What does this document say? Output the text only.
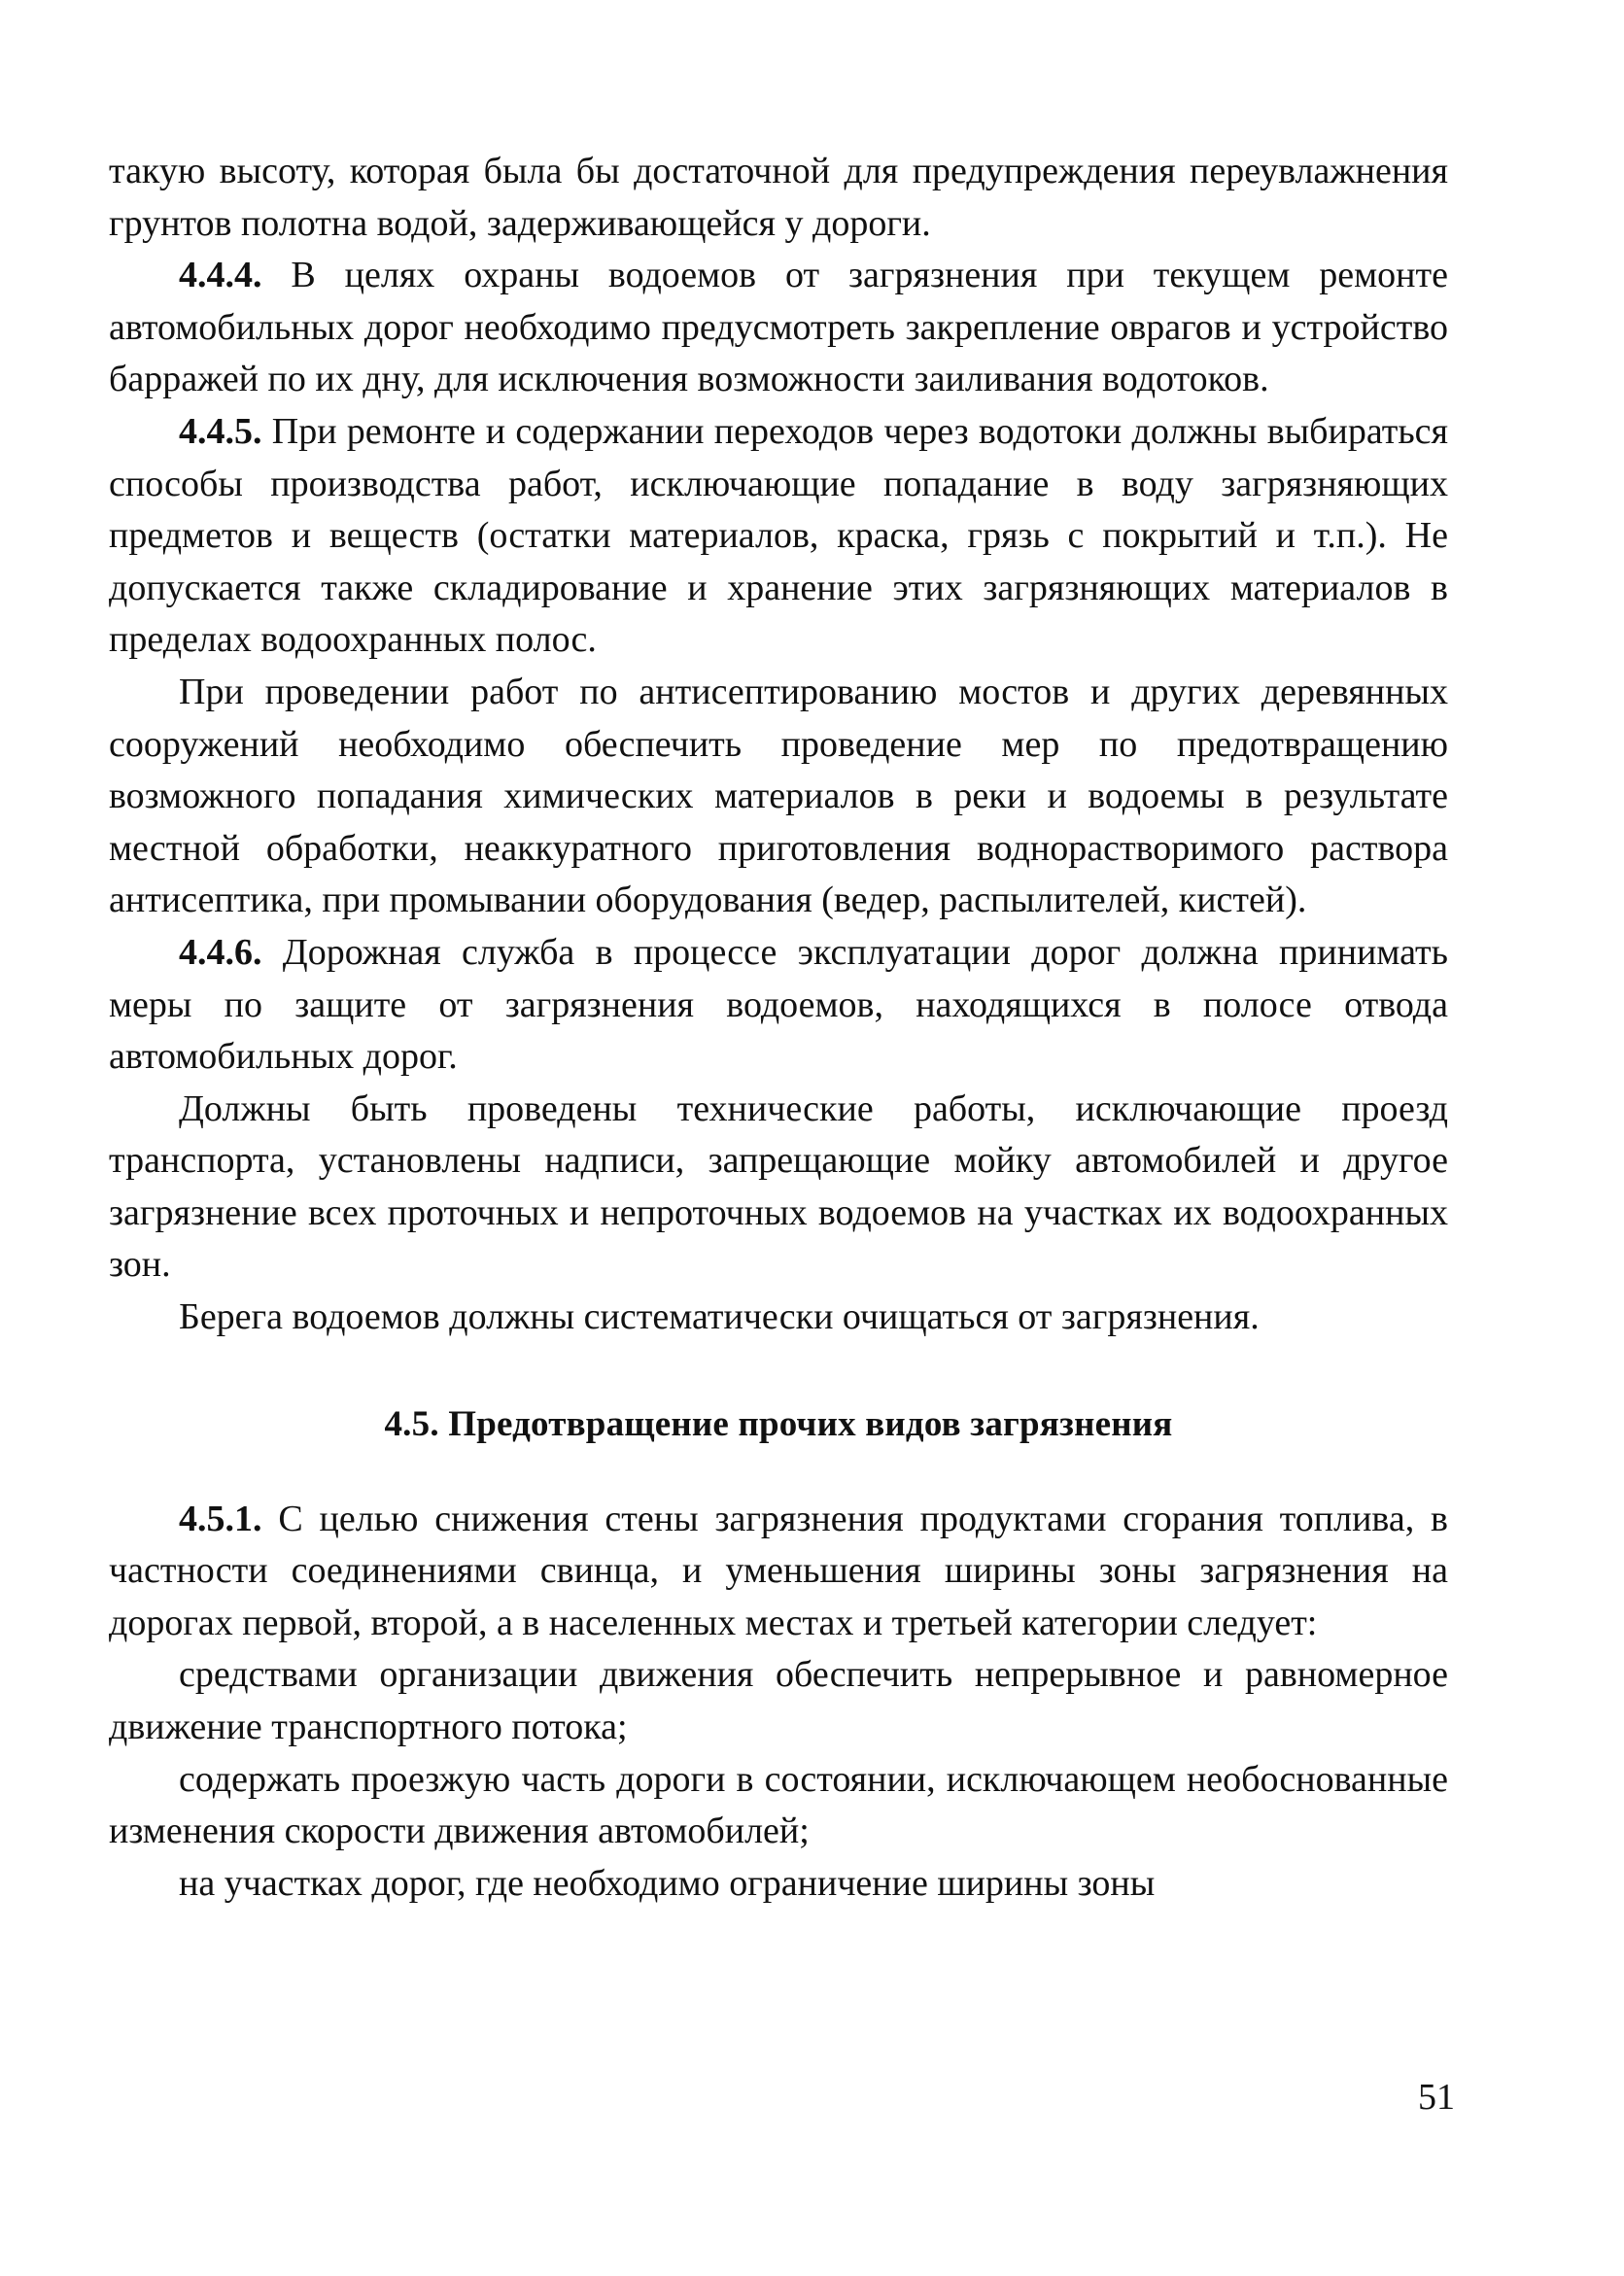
такую высоту, которая была бы достаточной для предупреждения переувлажнения грунтов полотна водой, задерживающейся у дороги.

4.4.4. В целях охраны водоемов от загрязнения при текущем ремонте автомобильных дорог необходимо предусмотреть закрепление оврагов и устройство барражей по их дну, для исключения возможности заиливания водотоков.

4.4.5. При ремонте и содержании переходов через водотоки должны выбираться способы производства работ, исключающие попадание в воду загрязняющих предметов и веществ (остатки материалов, краска, грязь с покрытий и т.п.). Не допускается также складирование и хранение этих загрязняющих материалов в пределах водоохранных полос.

При проведении работ по антисептированию мостов и других деревянных сооружений необходимо обеспечить проведение мер по предотвращению возможного попадания химических материалов в реки и водоемы в результате местной обработки, неаккуратного приготовления воднорастворимого раствора антисептика, при промывании оборудования (ведер, распылителей, кистей).

4.4.6. Дорожная служба в процессе эксплуатации дорог должна принимать меры по защите от загрязнения водоемов, находящихся в полосе отвода автомобильных дорог.

Должны быть проведены технические работы, исключающие проезд транспорта, установлены надписи, запрещающие мойку автомобилей и другое загрязнение всех проточных и непроточных водоемов на участках их водоохранных зон.

Берега водоемов должны систематически очищаться от загрязнения.

4.5. Предотвращение прочих видов загрязнения

4.5.1. С целью снижения стены загрязнения продуктами сгорания топлива, в частности соединениями свинца, и уменьшения ширины зоны загрязнения на дорогах первой, второй, а в населенных местах и третьей категории следует:

средствами организации движения обеспечить непрерывное и равномерное движение транспортного потока;

содержать проезжую часть дороги в состоянии, исключающем необоснованные изменения скорости движения автомобилей;

на участках дорог, где необходимо ограничение ширины зоны

51
